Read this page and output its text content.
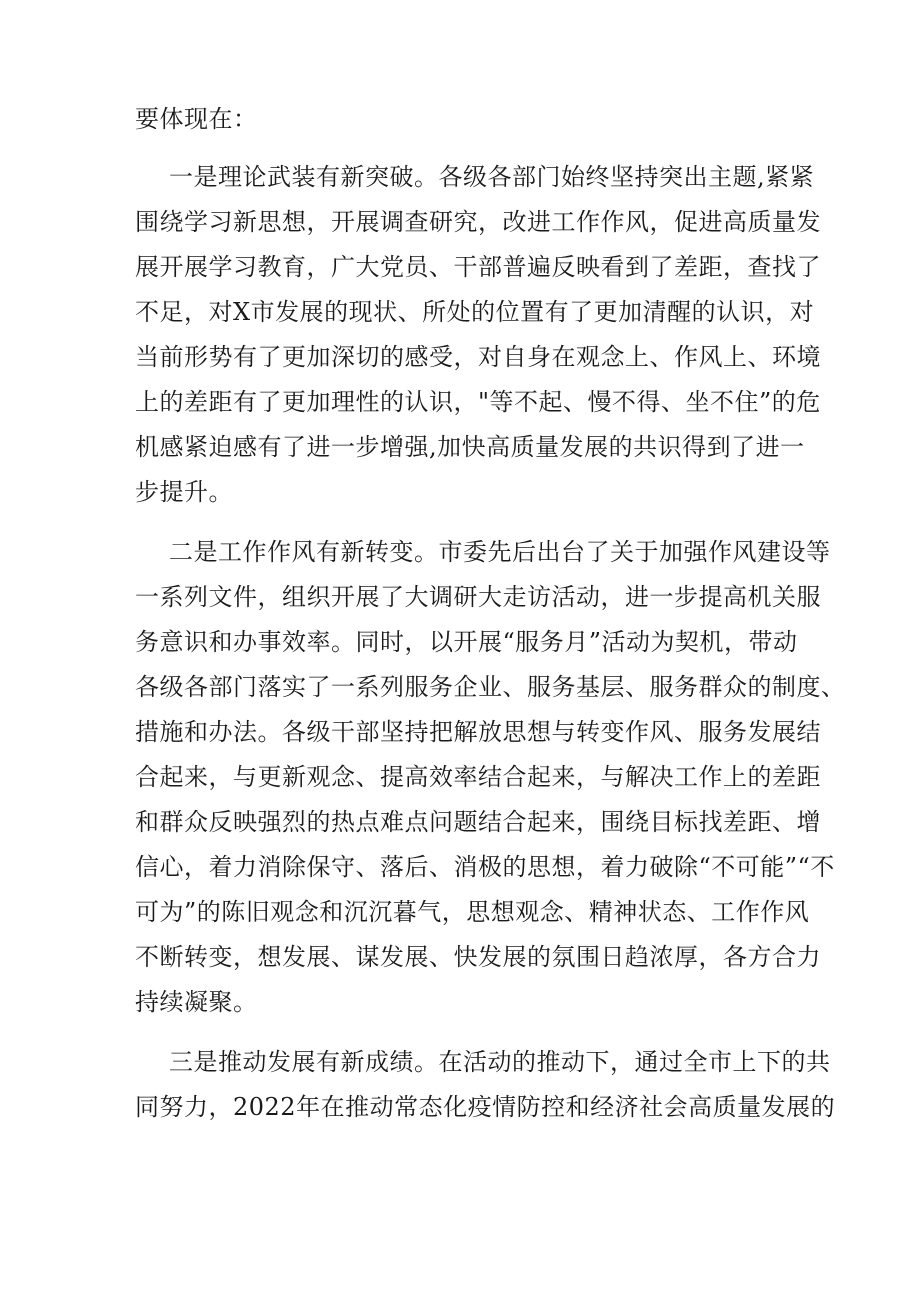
要体现在：
一是理论武装有新突破。各级各部门始终坚持突出主题,紧紧
围绕学习新思想，开展调查研究，改进工作作风，促进高质量发
展开展学习教育，广大党员、干部普遍反映看到了差距，查找了
不足，对X市发展的现状、所处的位置有了更加清醒的认识，对
当前形势有了更加深切的感受，对自身在观念上、作风上、环境
上的差距有了更加理性的认识，"等不起、慢不得、坐不住”的危
机感紧迫感有了进一步增强,加快高质量发展的共识得到了进一
步提升。
二是工作作风有新转变。市委先后出台了关于加强作风建设等
一系列文件，组织开展了大调研大走访活动，进一步提高机关服
务意识和办事效率。同时，以开展“服务月”活动为契机，带动
各级各部门落实了一系列服务企业、服务基层、服务群众的制度、
措施和办法。各级干部坚持把解放思想与转变作风、服务发展结
合起来，与更新观念、提高效率结合起来，与解决工作上的差距
和群众反映强烈的热点难点问题结合起来，围绕目标找差距、增
信心，着力消除保守、落后、消极的思想，着力破除“不可能”“不
可为”的陈旧观念和沉沉暮气，思想观念、精神状态、工作作风
不断转变，想发展、谋发展、快发展的氛围日趋浓厚，各方合力
持续凝聚。
三是推动发展有新成绩。在活动的推动下，通过全市上下的共
同努力，2022年在推动常态化疫情防控和经济社会高质量发展的
